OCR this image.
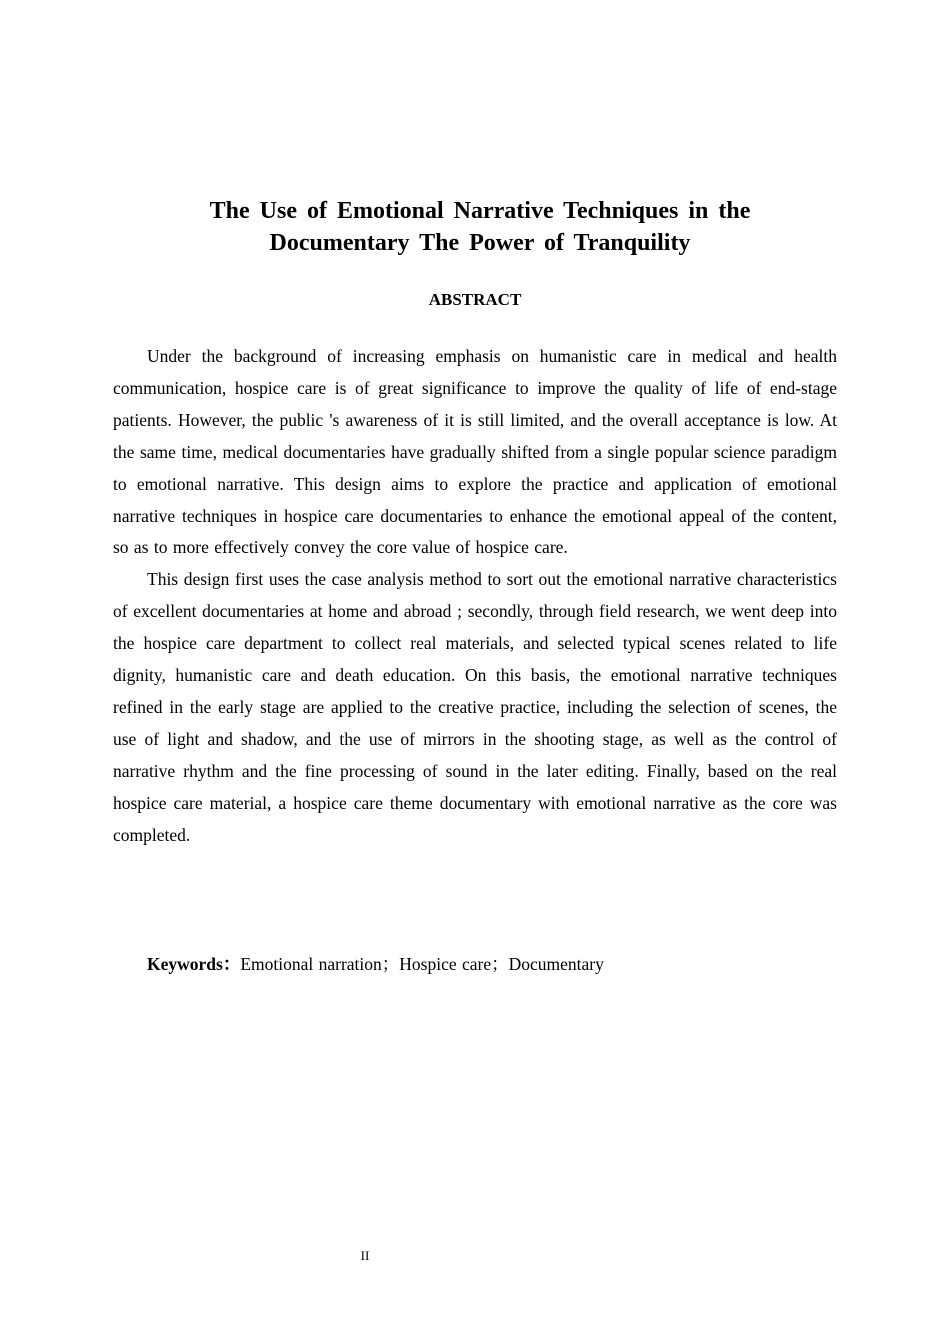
The Use of Emotional Narrative Techniques in the
Documentary The Power of Tranquility
ABSTRACT

Under the background of increasing emphasis on humanistic care in medical and health communication, hospice care is of great significance to improve the quality of life of end-stage patients. However, the public 's awareness of it is still limited, and the overall acceptance is low. At the same time, medical documentaries have gradually shifted from a single popular science paradigm to emotional narrative. This design aims to explore the practice and application of emotional narrative techniques in hospice care documentaries to enhance the emotional appeal of the content, so as to more effectively convey the core value of hospice care.

This design first uses the case analysis method to sort out the emotional narrative characteristics of excellent documentaries at home and abroad ; secondly, through field research, we went deep into the hospice care department to collect real materials, and selected typical scenes related to life dignity, humanistic care and death education. On this basis, the emotional narrative techniques refined in the early stage are applied to the creative practice, including the selection of scenes, the use of light and shadow, and the use of mirrors in the shooting stage, as well as the control of narrative rhythm and the fine processing of sound in the later editing. Finally, based on the real hospice care material, a hospice care theme documentary with emotional narrative as the core was completed.

Keywords：Emotional narration；Hospice care；Documentary

II
